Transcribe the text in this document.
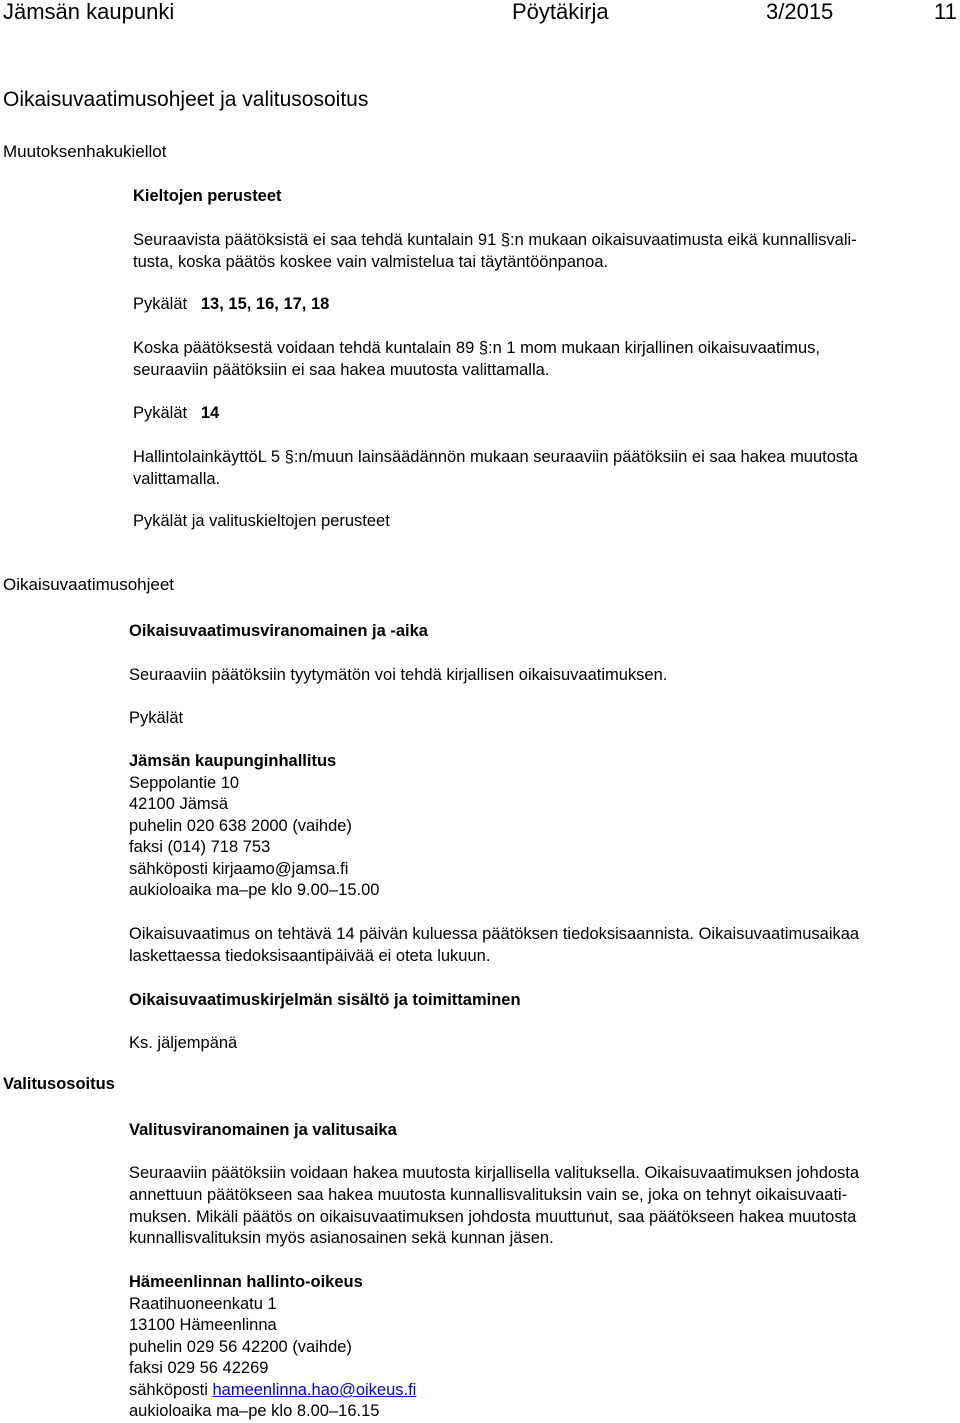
Jämsän kaupunki	Pöytäkirja	3/2015	11
Oikaisuvaatimusohjeet ja valitusosoitus
Muutoksenhakukiellot
Kieltojen perusteet
Seuraavista päätöksistä ei saa tehdä kuntalain 91 §:n mukaan oikaisuvaatimusta eikä kunnallisvali-
tusta, koska päätös koskee vain valmistelua tai täytäntöönpanoa.
Pykälät 13, 15, 16, 17, 18
Koska päätöksestä voidaan tehdä kuntalain 89 §:n 1 mom mukaan kirjallinen oikaisuvaatimus,
seuraaviin päätöksiin ei saa hakea muutosta valittamalla.
Pykälät 14
HallintolainkäyttöL 5 §:n/muun lainsäädännön mukaan seuraaviin päätöksiin ei saa hakea muutosta
valittamalla.
Pykälät ja valituskieltojen perusteet
Oikaisuvaatimusohjeet
Oikaisuvaatimusviranomainen ja -aika
Seuraaviin päätöksiin tyytymätön voi tehdä kirjallisen oikaisuvaatimuksen.
Pykälät
Jämsän kaupunginhallitus
Seppolantie 10
42100 Jämsä
puhelin 020 638 2000 (vaihde)
faksi (014) 718 753
sähköposti kirjaamo@jamsa.fi
aukioloaika ma–pe klo 9.00–15.00
Oikaisuvaatimus on tehtävä 14 päivän kuluessa päätöksen tiedoksisaannista. Oikaisuvaatimusaikaa
laskettaessa tiedoksisaantipäivää ei oteta lukuun.
Oikaisuvaatimuskirjelmän sisältö ja toimittaminen
Ks. jäljempänä
Valitusosoitus
Valitusviranomainen ja valitusaika
Seuraaviin päätöksiin voidaan hakea muutosta kirjallisella valituksella. Oikaisuvaatimuksen johdosta
annettuun päätökseen saa hakea muutosta kunnallisvalituksin vain se, joka on tehnyt oikaisuvaati-
muksen. Mikäli päätös on oikaisuvaatimuksen johdosta muuttunut, saa päätökseen hakea muutosta
kunnallisvalituksin myös asianosainen sekä kunnan jäsen.
Hämeenlinnan hallinto-oikeus
Raatihuoneenkatu 1
13100 Hämeenlinna
puhelin 029 56 42200 (vaihde)
faksi 029 56 42269
sähköposti hameenlinna.hao@oikeus.fi
aukioloaika ma–pe klo 8.00–16.15
